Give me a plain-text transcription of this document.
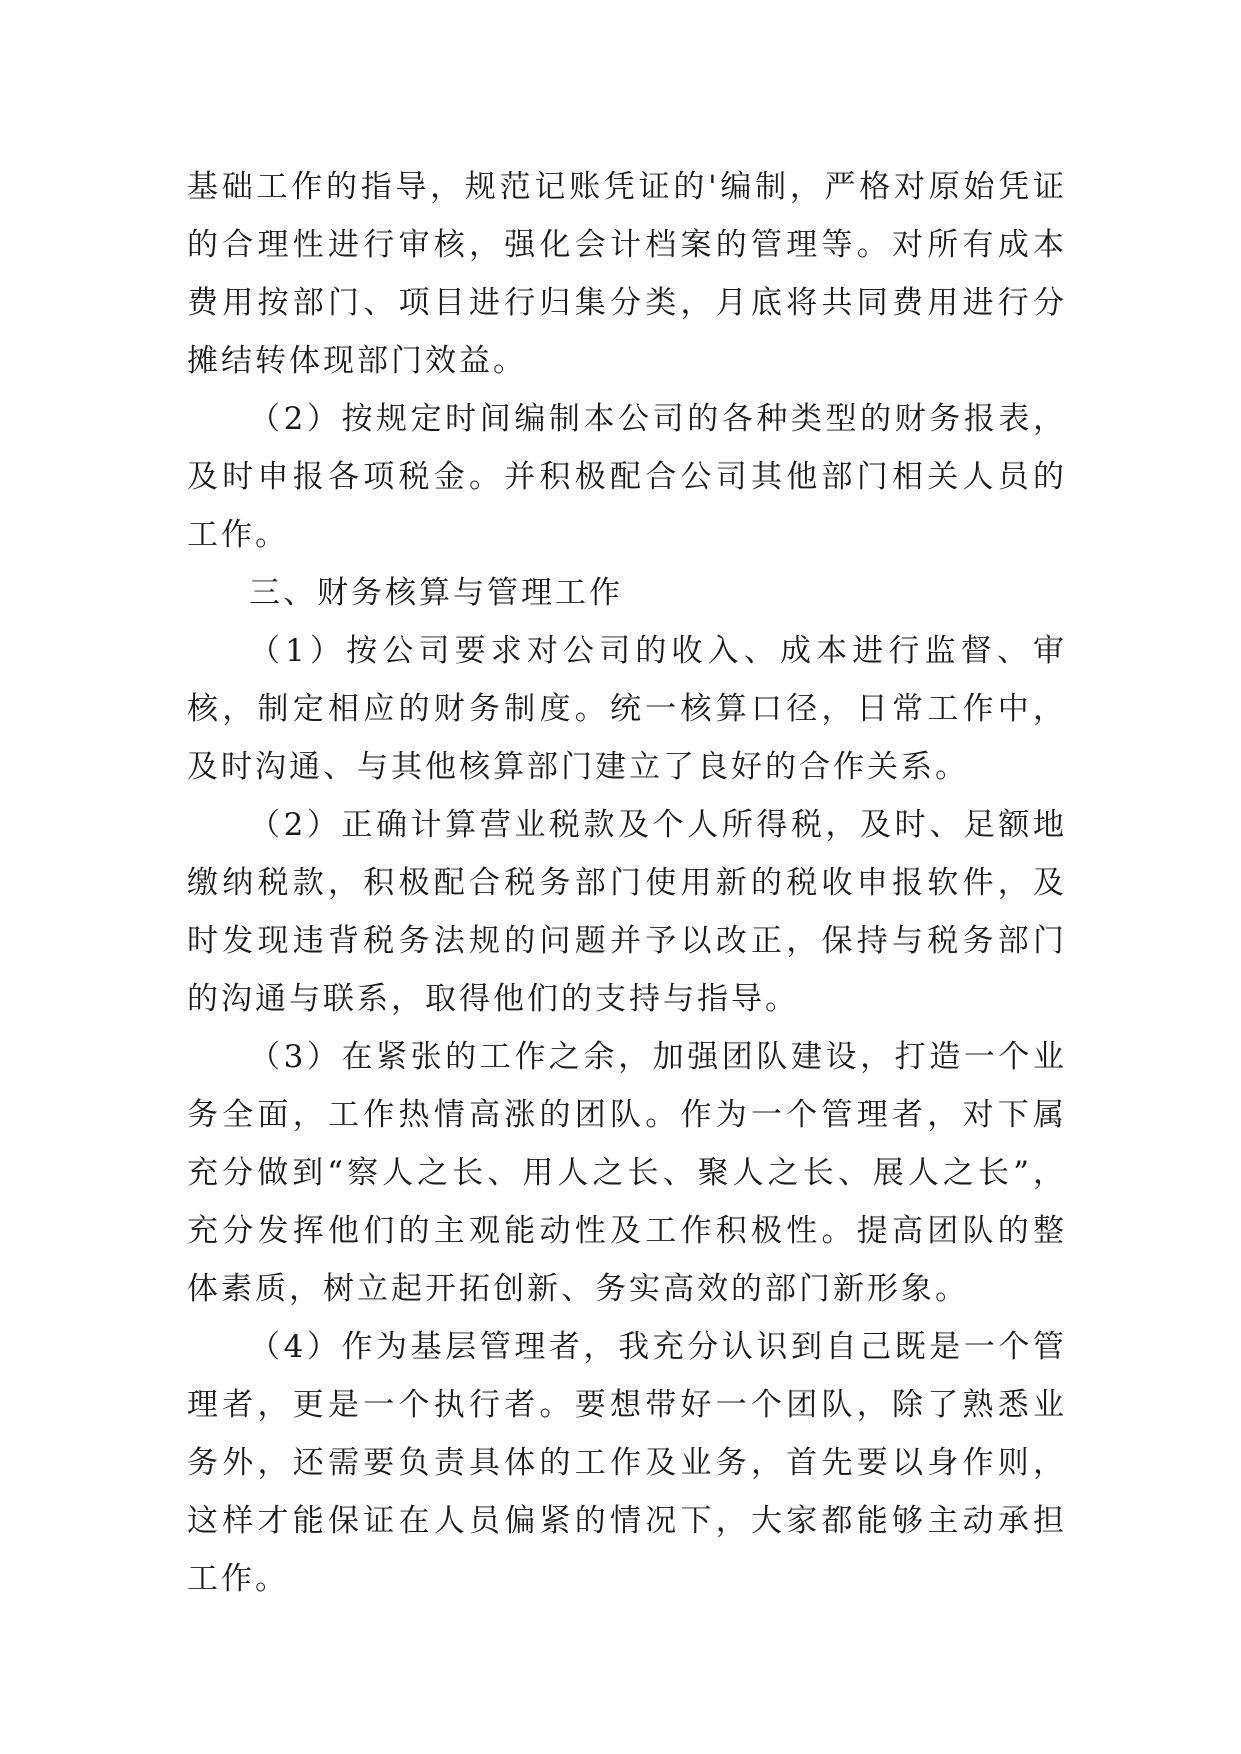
基础工作的指导，规范记账凭证的'编制，严格对原始凭证的合理性进行审核，强化会计档案的管理等。对所有成本费用按部门、项目进行归集分类，月底将共同费用进行分摊结转体现部门效益。

（2）按规定时间编制本公司的各种类型的财务报表，及时申报各项税金。并积极配合公司其他部门相关人员的工作。

三、财务核算与管理工作

（1）按公司要求对公司的收入、成本进行监督、审核，制定相应的财务制度。统一核算口径，日常工作中，及时沟通、与其他核算部门建立了良好的合作关系。

（2）正确计算营业税款及个人所得税，及时、足额地缴纳税款，积极配合税务部门使用新的税收申报软件，及时发现违背税务法规的问题并予以改正，保持与税务部门的沟通与联系，取得他们的支持与指导。

（3）在紧张的工作之余，加强团队建设，打造一个业务全面，工作热情高涨的团队。作为一个管理者，对下属充分做到“察人之长、用人之长、聚人之长、展人之长”，充分发挥他们的主观能动性及工作积极性。提高团队的整体素质，树立起开拓创新、务实高效的部门新形象。

（4）作为基层管理者，我充分认识到自己既是一个管理者，更是一个执行者。要想带好一个团队，除了熟悉业务外，还需要负责具体的工作及业务，首先要以身作则，这样才能保证在人员偏紧的情况下，大家都能够主动承担工作。
